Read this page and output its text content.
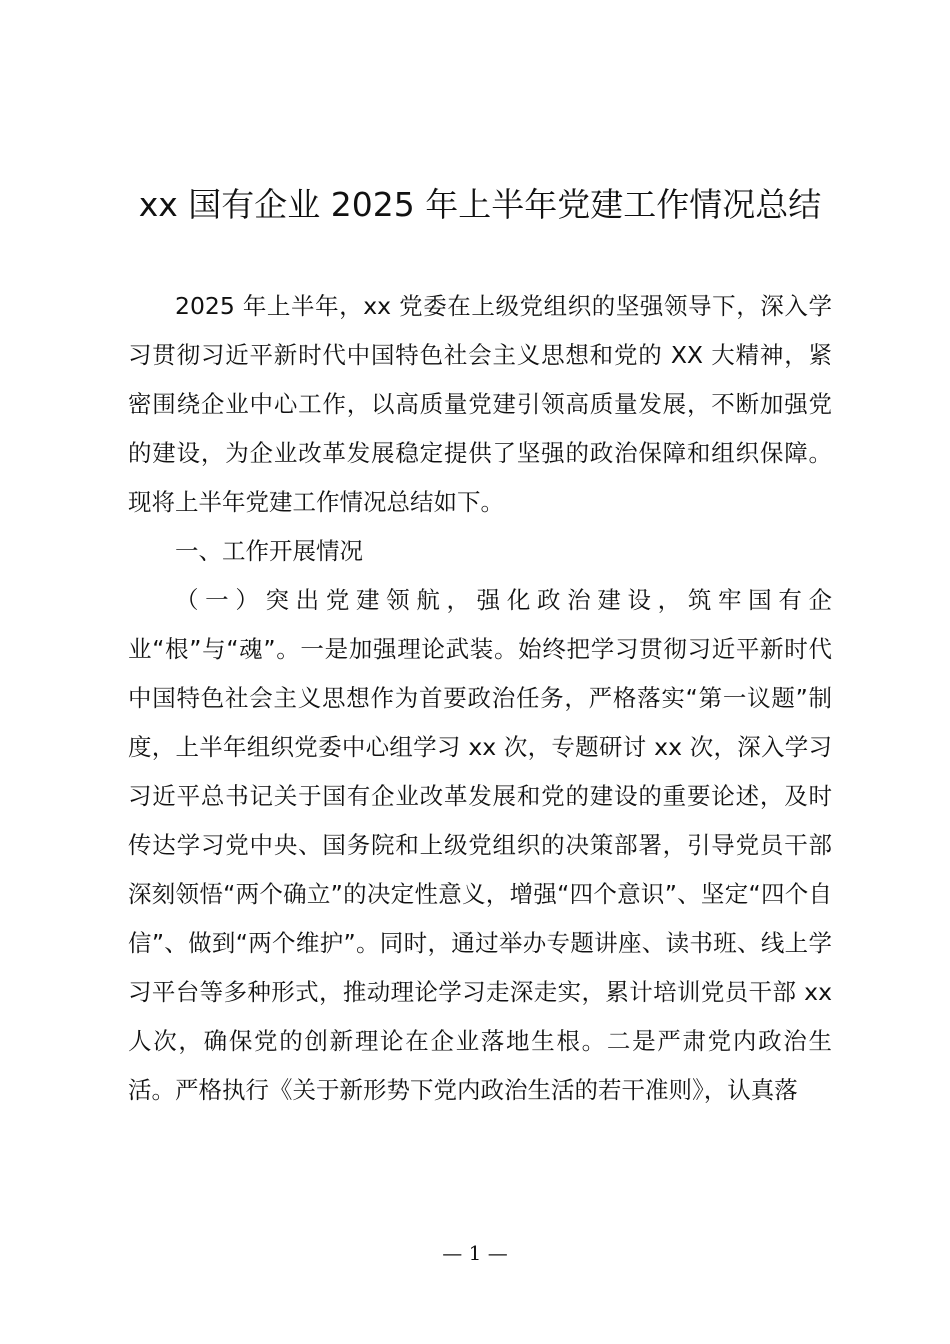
xx 国有企业 2025 年上半年党建工作情况总结

2025 年上半年，xx 党委在上级党组织的坚强领导下，深入学习贯彻习近平新时代中国特色社会主义思想和党的 XX 大精神，紧密围绕企业中心工作，以高质量党建引领高质量发展，不断加强党的建设，为企业改革发展稳定提供了坚强的政治保障和组织保障。现将上半年党建工作情况总结如下。

一、工作开展情况

（一）突出党建领航，强化政治建设，筑牢国有企业“根”与“魂”。一是加强理论武装。始终把学习贯彻习近平新时代中国特色社会主义思想作为首要政治任务，严格落实“第一议题”制度，上半年组织党委中心组学习 xx 次，专题研讨 xx 次，深入学习习近平总书记关于国有企业改革发展和党的建设的重要论述，及时传达学习党中央、国务院和上级党组织的决策部署，引导党员干部深刻领悟“两个确立”的决定性意义，增强“四个意识”、坚定“四个自信”、做到“两个维护”。同时，通过举办专题讲座、读书班、线上学习平台等多种形式，推动理论学习走深走实，累计培训党员干部 xx 人次，确保党的创新理论在企业落地生根。二是严肃党内政治生活。严格执行《关于新形势下党内政治生活的若干准则》，认真落

— 1 —
